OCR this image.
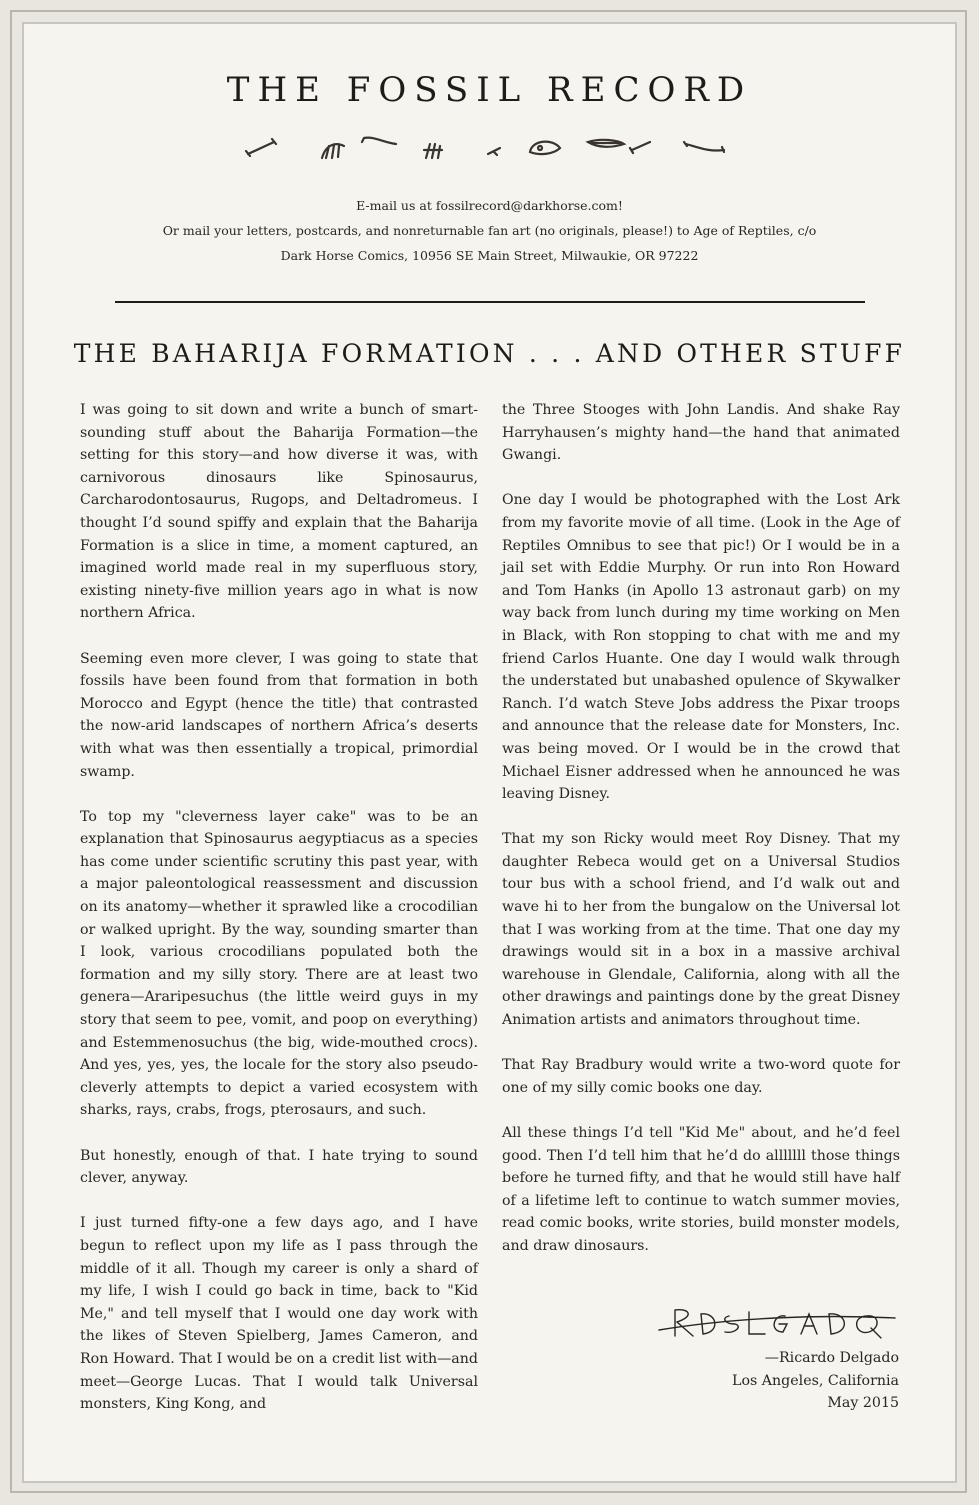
THE FOSSIL RECORD
E-mail us at fossilrecord@darkhorse.com!
Or mail your letters, postcards, and nonreturnable fan art (no originals, please!) to Age of Reptiles, c/o
Dark Horse Comics, 10956 SE Main Street, Milwaukie, OR 97222
THE BAHARIJA FORMATION . . . AND OTHER STUFF

I was going to sit down and write a bunch of smart-sounding stuff about the Baharija Formation—the setting for this story—and how diverse it was, with carnivorous dinosaurs like Spinosaurus, Carcharodontosaurus, Rugops, and Deltadromeus. I thought I’d sound spiffy and explain that the Baharija Formation is a slice in time, a moment captured, an imagined world made real in my superfluous story, existing ninety-five million years ago in what is now northern Africa.

Seeming even more clever, I was going to state that fossils have been found from that formation in both Morocco and Egypt (hence the title) that contrasted the now-arid landscapes of northern Africa’s deserts with what was then essentially a tropical, primordial swamp.

To top my "cleverness layer cake" was to be an explanation that Spinosaurus aegyptiacus as a species has come under scientific scrutiny this past year, with a major paleontological reassessment and discussion on its anatomy—whether it sprawled like a crocodilian or walked upright. By the way, sounding smarter than I look, various crocodilians populated both the formation and my silly story. There are at least two genera—Araripesuchus (the little weird guys in my story that seem to pee, vomit, and poop on everything) and Estemmenosuchus (the big, wide-mouthed crocs). And yes, yes, yes, the locale for the story also pseudo-cleverly attempts to depict a varied ecosystem with sharks, rays, crabs, frogs, pterosaurs, and such.

But honestly, enough of that. I hate trying to sound clever, anyway.

I just turned fifty-one a few days ago, and I have begun to reflect upon my life as I pass through the middle of it all. Though my career is only a shard of my life, I wish I could go back in time, back to "Kid Me," and tell myself that I would one day work with the likes of Steven Spielberg, James Cameron, and Ron Howard. That I would be on a credit list with—and meet—George Lucas. That I would talk Universal monsters, King Kong, and

the Three Stooges with John Landis. And shake Ray Harryhausen’s mighty hand—the hand that animated Gwangi.

One day I would be photographed with the Lost Ark from my favorite movie of all time. (Look in the Age of Reptiles Omnibus to see that pic!) Or I would be in a jail set with Eddie Murphy. Or run into Ron Howard and Tom Hanks (in Apollo 13 astronaut garb) on my way back from lunch during my time working on Men in Black, with Ron stopping to chat with me and my friend Carlos Huante. One day I would walk through the understated but unabashed opulence of Skywalker Ranch. I’d watch Steve Jobs address the Pixar troops and announce that the release date for Monsters, Inc. was being moved. Or I would be in the crowd that Michael Eisner addressed when he announced he was leaving Disney.

That my son Ricky would meet Roy Disney. That my daughter Rebeca would get on a Universal Studios tour bus with a school friend, and I’d walk out and wave hi to her from the bungalow on the Universal lot that I was working from at the time. That one day my drawings would sit in a box in a massive archival warehouse in Glendale, California, along with all the other drawings and paintings done by the great Disney Animation artists and animators throughout time.

That Ray Bradbury would write a two-word quote for one of my silly comic books one day.

All these things I’d tell "Kid Me" about, and he’d feel good. Then I’d tell him that he’d do alllllll those things before he turned fifty, and that he would still have half of a lifetime left to continue to watch summer movies, read comic books, write stories, build monster models, and draw dinosaurs.

—Ricardo Delgado
Los Angeles, California
May 2015
